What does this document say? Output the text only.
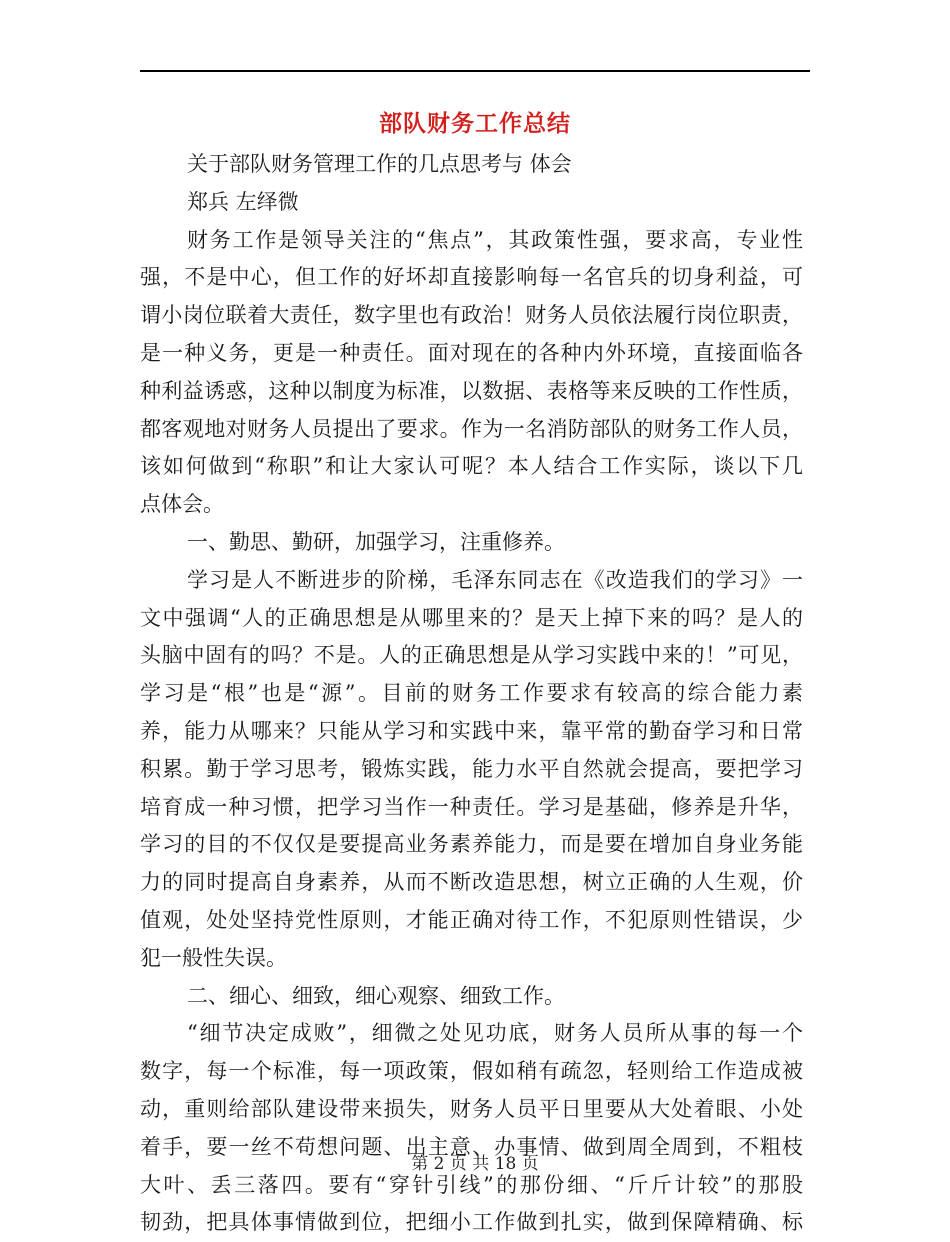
部队财务工作总结
关于部队财务管理工作的几点思考与 体会
郑兵 左绎微
财务工作是领导关注的“焦点”，其政策性强，要求高，专业性
强，不是中心，但工作的好坏却直接影响每一名官兵的切身利益，可
谓小岗位联着大责任，数字里也有政治！财务人员依法履行岗位职责，
是一种义务，更是一种责任。面对现在的各种内外环境，直接面临各
种利益诱惑，这种以制度为标准，以数据、表格等来反映的工作性质，
都客观地对财务人员提出了要求。作为一名消防部队的财务工作人员，
该如何做到“称职”和让大家认可呢？本人结合工作实际，谈以下几
点体会。
一、勤思、勤研，加强学习，注重修养。
学习是人不断进步的阶梯，毛泽东同志在《改造我们的学习》一
文中强调“人的正确思想是从哪里来的？是天上掉下来的吗？是人的
头脑中固有的吗？不是。人的正确思想是从学习实践中来的！”可见，
学习是“根”也是“源”。目前的财务工作要求有较高的综合能力素
养，能力从哪来？只能从学习和实践中来，靠平常的勤奋学习和日常
积累。勤于学习思考，锻炼实践，能力水平自然就会提高，要把学习
培育成一种习惯，把学习当作一种责任。学习是基础，修养是升华，
学习的目的不仅仅是要提高业务素养能力，而是要在增加自身业务能
力的同时提高自身素养，从而不断改造思想，树立正确的人生观，价
值观，处处坚持党性原则，才能正确对待工作，不犯原则性错误，少
犯一般性失误。
二、细心、细致，细心观察、细致工作。
“细节决定成败”，细微之处见功底，财务人员所从事的每一个
数字，每一个标准，每一项政策，假如稍有疏忽，轻则给工作造成被
动，重则给部队建设带来损失，财务人员平日里要从大处着眼、小处
着手，要一丝不苟想问题、出主意、办事情、做到周全周到，不粗枝
大叶、丢三落四。要有“穿针引线”的那份细、“斤斤计较”的那股
韧劲，把具体事情做到位，把细小工作做到扎实，做到保障精确、标
第 2 页 共 18 页
